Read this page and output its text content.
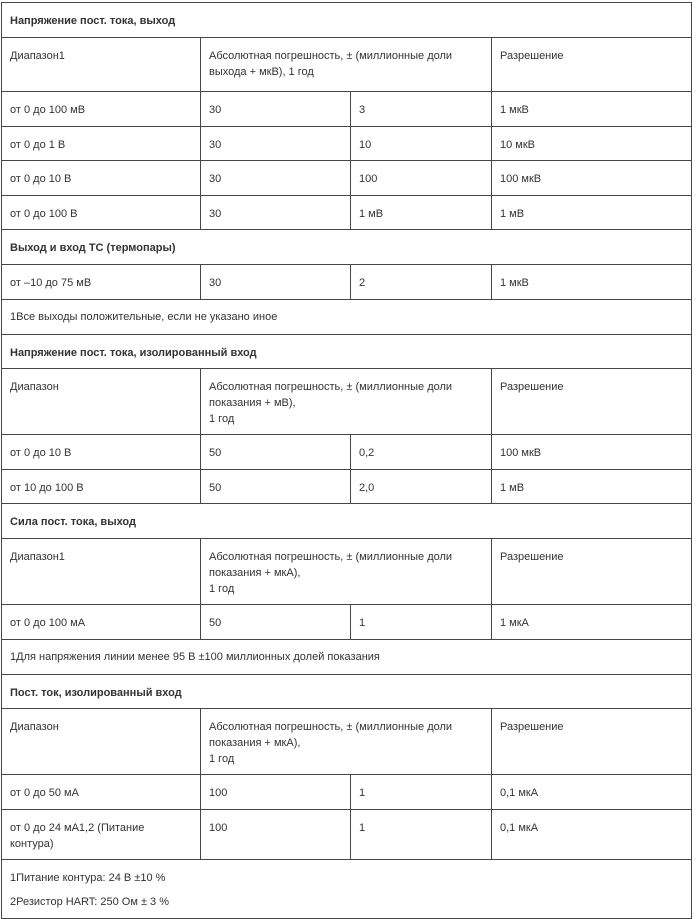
Напряжение пост. тока, выход			
Диапазон1	Абсолютная погрешность, ± (миллионные доли выхода + мкВ), 1 год		Разрешение
от 0 до 100 мВ	30	3	1 мкВ
от 0 до 1 В	30	10	10 мкВ
от 0 до 10 В	30	100	100 мкВ
от 0 до 100 В	30	1 мВ	1 мВ
Выход и вход ТС (термопары)			
от –10 до 75 мВ	30	2	1 мкВ
1Все выходы положительные, если не указано иное			
Напряжение пост. тока, изолированный вход			
Диапазон	Абсолютная погрешность, ± (миллионные доли
показания + мВ),
1 год		Разрешение
от 0 до 10 В	50	0,2	100 мкВ
от 10 до 100 В	50	2,0	1 мВ
Сила пост. тока, выход			
Диапазон1	Абсолютная погрешность, ± (миллионные доли
показания + мкА),
1 год		Разрешение
от 0 до 100 мА	50	1	1 мкА
1Для напряжения линии менее 95 В ±100 миллионных долей показания			
Пост. ток, изолированный вход			
Диапазон	Абсолютная погрешность, ± (миллионные доли
показания + мкА),
1 год		Разрешение
от 0 до 50 мА	100	1	0,1 мкА
от 0 до 24 мА1,2 (Питание контура)	100	1	0,1 мкА

1Питание контура: 24 В ±10 %
2Резистор HART: 250 Ом ± 3 %			
